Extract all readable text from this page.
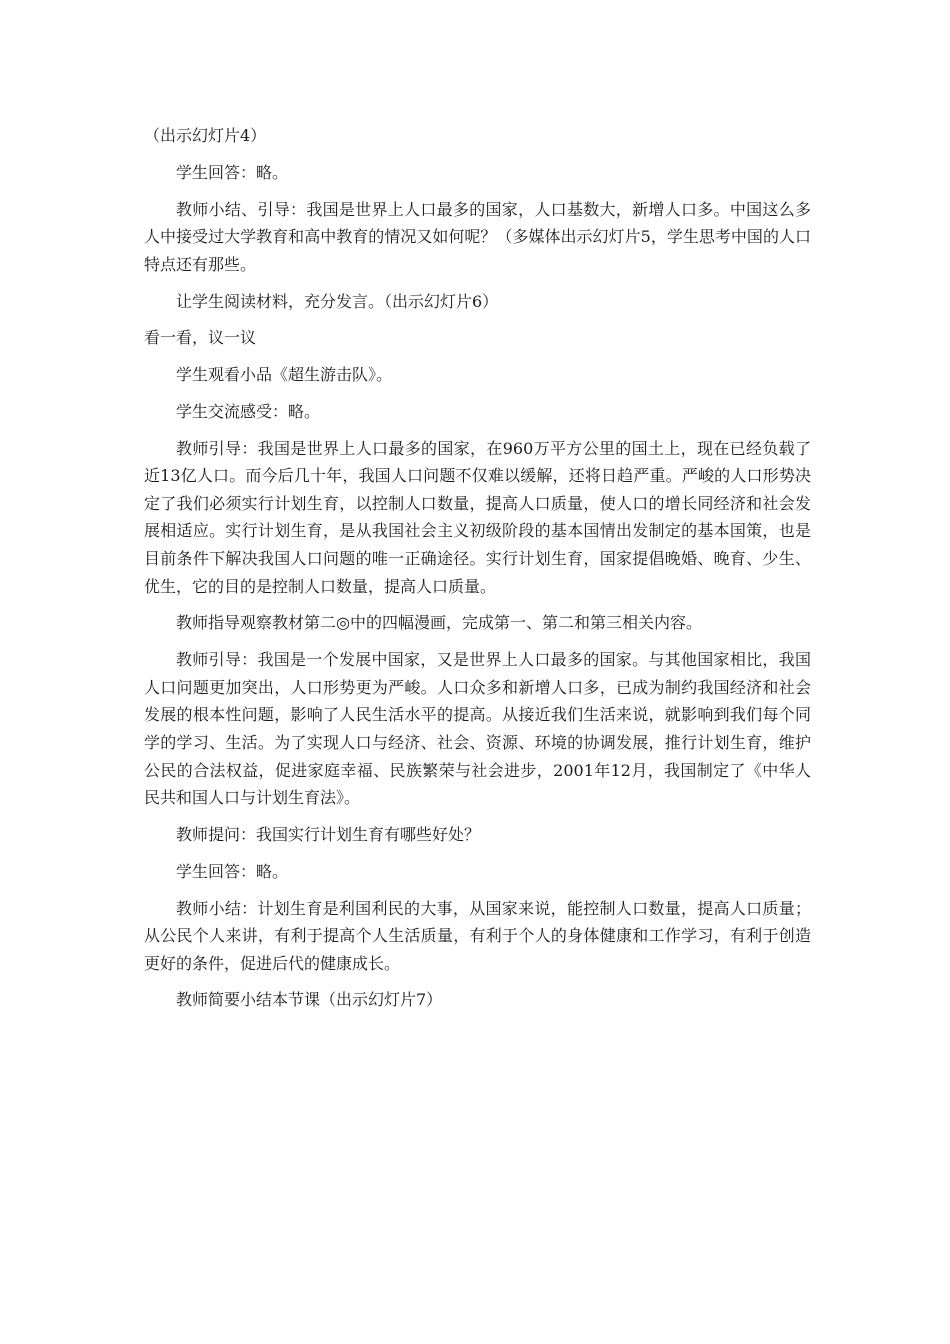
（出示幻灯片4）

学生回答：略。

教师小结、引导：我国是世界上人口最多的国家，人口基数大，新增人口多。中国这么多人中接受过大学教育和高中教育的情况又如何呢？（多媒体出示幻灯片5，学生思考中国的人口特点还有那些。

让学生阅读材料，充分发言。（出示幻灯片6）

看一看，议一议

学生观看小品《超生游击队》。

学生交流感受：略。

教师引导：我国是世界上人口最多的国家，在960万平方公里的国土上，现在已经负载了近13亿人口。而今后几十年，我国人口问题不仅难以缓解，还将日趋严重。严峻的人口形势决定了我们必须实行计划生育，以控制人口数量，提高人口质量，使人口的增长同经济和社会发展相适应。实行计划生育，是从我国社会主义初级阶段的基本国情出发制定的基本国策，也是目前条件下解决我国人口问题的唯一正确途径。实行计划生育，国家提倡晚婚、晚育、少生、优生，它的目的是控制人口数量，提高人口质量。

教师指导观察教材第二◎中的四幅漫画，完成第一、第二和第三相关内容。

教师引导：我国是一个发展中国家，又是世界上人口最多的国家。与其他国家相比，我国人口问题更加突出，人口形势更为严峻。人口众多和新增人口多，已成为制约我国经济和社会发展的根本性问题，影响了人民生活水平的提高。从接近我们生活来说，就影响到我们每个同学的学习、生活。为了实现人口与经济、社会、资源、环境的协调发展，推行计划生育，维护公民的合法权益，促进家庭幸福、民族繁荣与社会进步，2001年12月，我国制定了《中华人民共和国人口与计划生育法》。

教师提问：我国实行计划生育有哪些好处？

学生回答：略。

教师小结：计划生育是利国利民的大事，从国家来说，能控制人口数量，提高人口质量；从公民个人来讲，有利于提高个人生活质量，有利于个人的身体健康和工作学习，有利于创造更好的条件，促进后代的健康成长。

教师简要小结本节课（出示幻灯片7）
